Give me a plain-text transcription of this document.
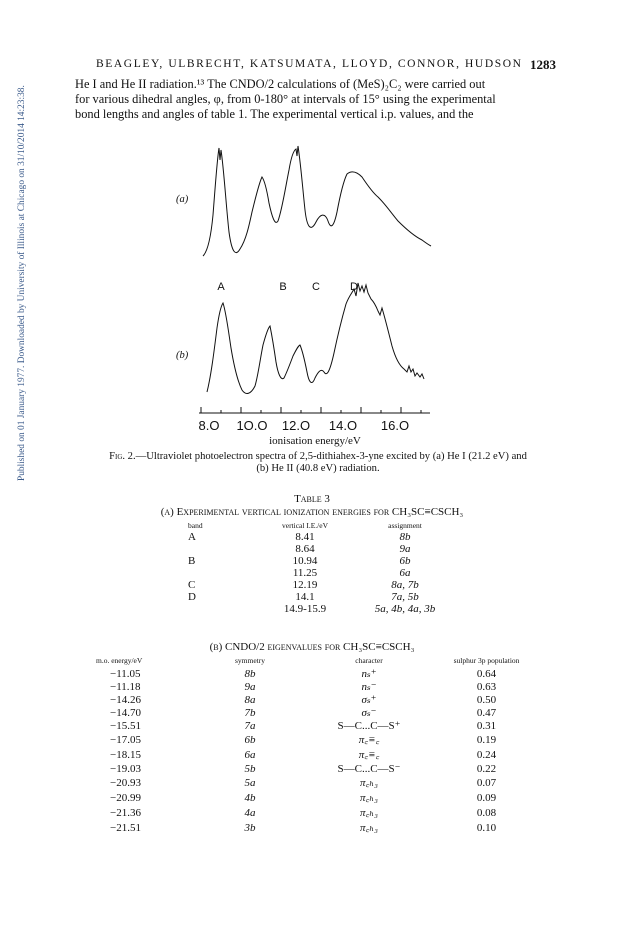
Published on 01 January 1977. Downloaded by University of Illinois at Chicago on 31/10/2014 14:23:38.
BEAGLEY, ULBRECHT, KATSUMATA, LLOYD, CONNOR, HUDSON 1283
He I and He II radiation.¹³ The CNDO/2 calculations of (MeS)₂C₂ were carried out
for various dihedral angles, φ, from 0-180° at intervals of 15° using the experimental
bond lengths and angles of table 1. The experimental vertical i.p. values, and the
(a)
(b)
A	B C	D
8.O 1O.O 12.O 14.O 16.O
ionisation energy/eV
Fig. 2.—Ultraviolet photoelectron spectra of 2,5-dithiahex-3-yne excited by (a) He I (21.2 eV) and
(b) He II (40.8 eV) radiation.
Table 3
(a) Experimental vertical ionization energies for CH₃SC≡CSCH₃
band	vertical I.E./eV	assignment
A	8.41	8b
	8.64	9a
B	10.94	6b
	11.25	6a
C	12.19	8a, 7b
D	14.1	7a, 5b
	14.9-15.9	5a, 4b, 4a, 3b
(b) CNDO/2 eigenvalues for CH₃SC≡CSCH₃
m.o. energy/eV	symmetry	character	sulphur 3p population
−11.05	8b	nₛ⁺	0.64
−11.18	9a	nₛ⁻	0.63
−14.26	8a	σₛ⁺	0.50
−14.70	7b	σₛ⁻	0.47
−15.51	7a	S—C...C—S⁺	0.31
−17.05	6b	π꜀≡꜀	0.19
−18.15	6a	π꜀≡꜀	0.24
−19.03	5b	S—C...C—S⁻	0.22
−20.93	5a	π꜀ₕ₃	0.07
−20.99	4b	π꜀ₕ₃	0.09
−21.36	4a	π꜀ₕ₃	0.08
−21.51	3b	π꜀ₕ₃	0.10
